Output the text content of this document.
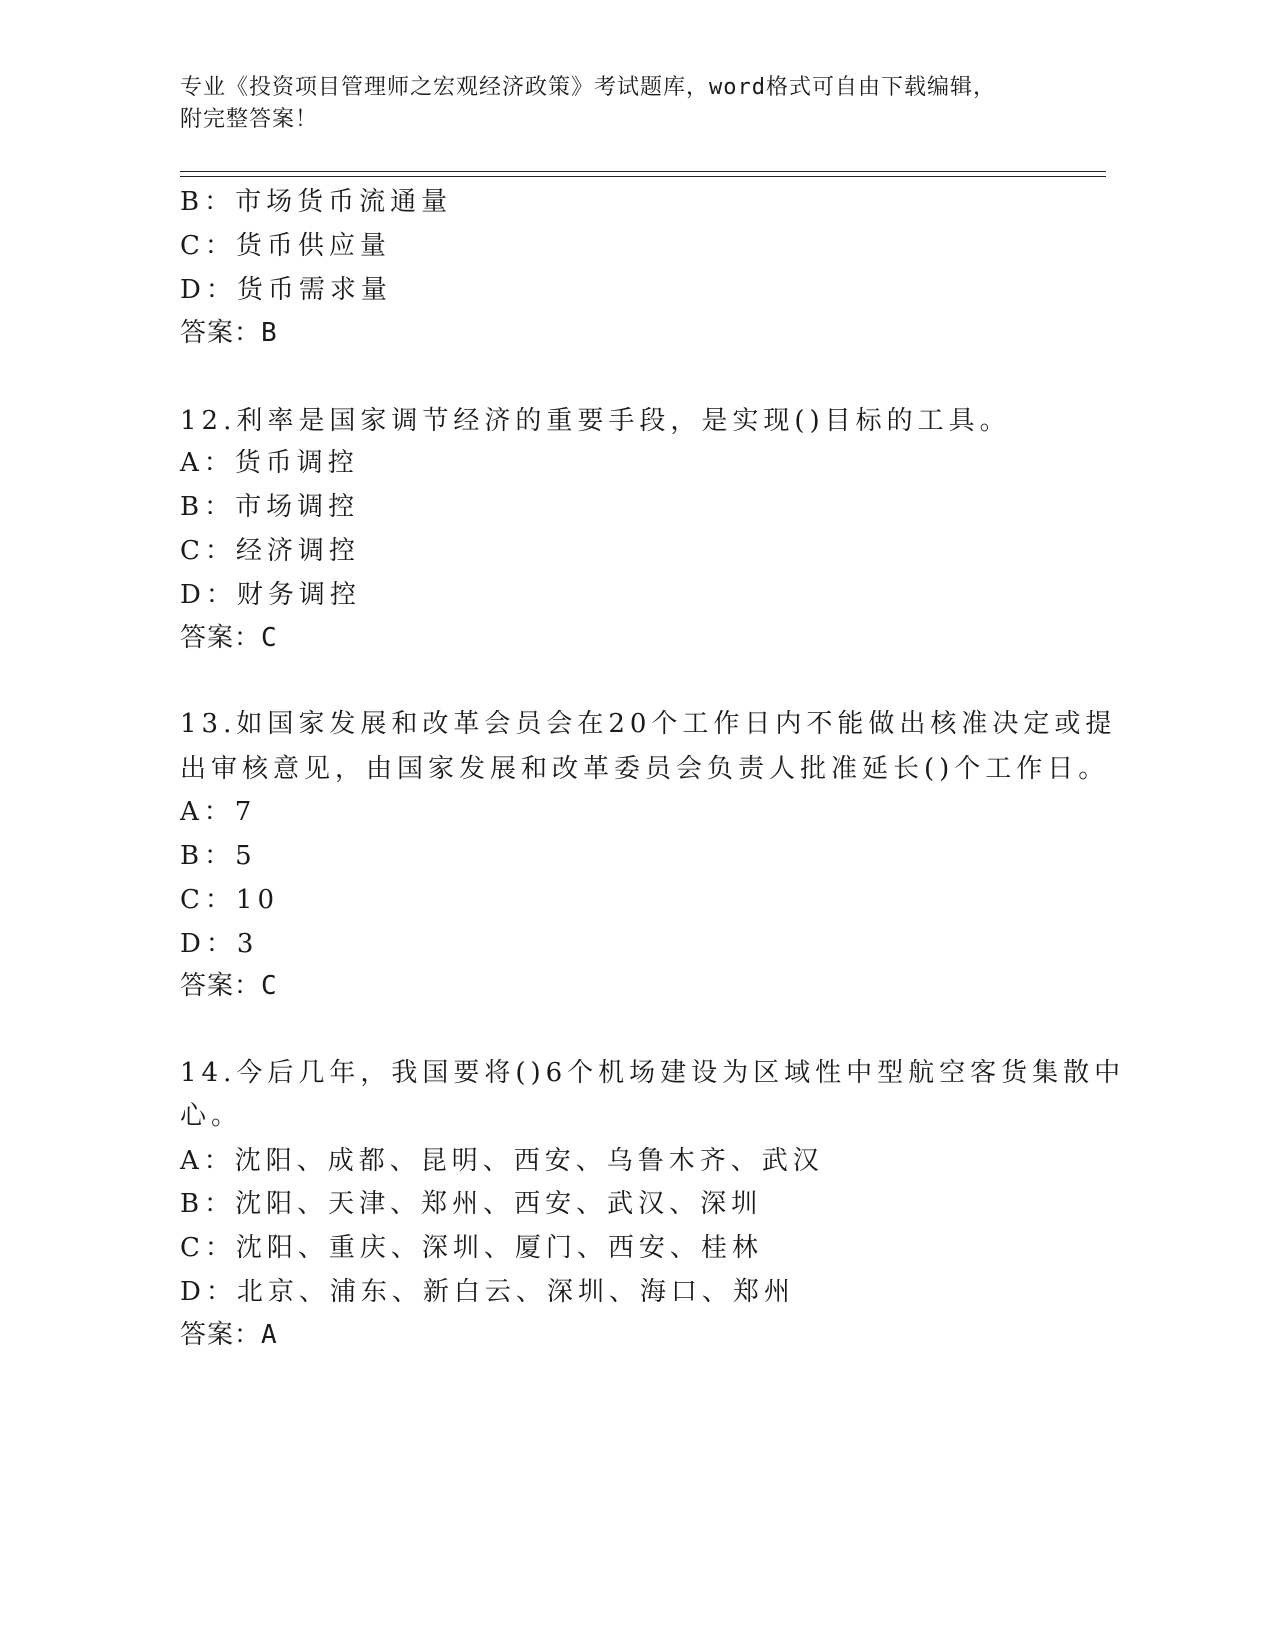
专业《投资项目管理师之宏观经济政策》考试题库，word格式可自由下载编辑，
附完整答案！
B：市场货币流通量
C：货币供应量
D：货币需求量
答案：B
12.利率是国家调节经济的重要手段，是实现()目标的工具。
A：货币调控
B：市场调控
C：经济调控
D：财务调控
答案：C
13.如国家发展和改革会员会在20个工作日内不能做出核准决定或提
出审核意见，由国家发展和改革委员会负责人批准延长()个工作日。
A：7
B：5
C：10
D：3
答案：C
14.今后几年，我国要将()6个机场建设为区域性中型航空客货集散中
心。
A：沈阳、成都、昆明、西安、乌鲁木齐、武汉
B：沈阳、天津、郑州、西安、武汉、深圳
C：沈阳、重庆、深圳、厦门、西安、桂林
D：北京、浦东、新白云、深圳、海口、郑州
答案：A
